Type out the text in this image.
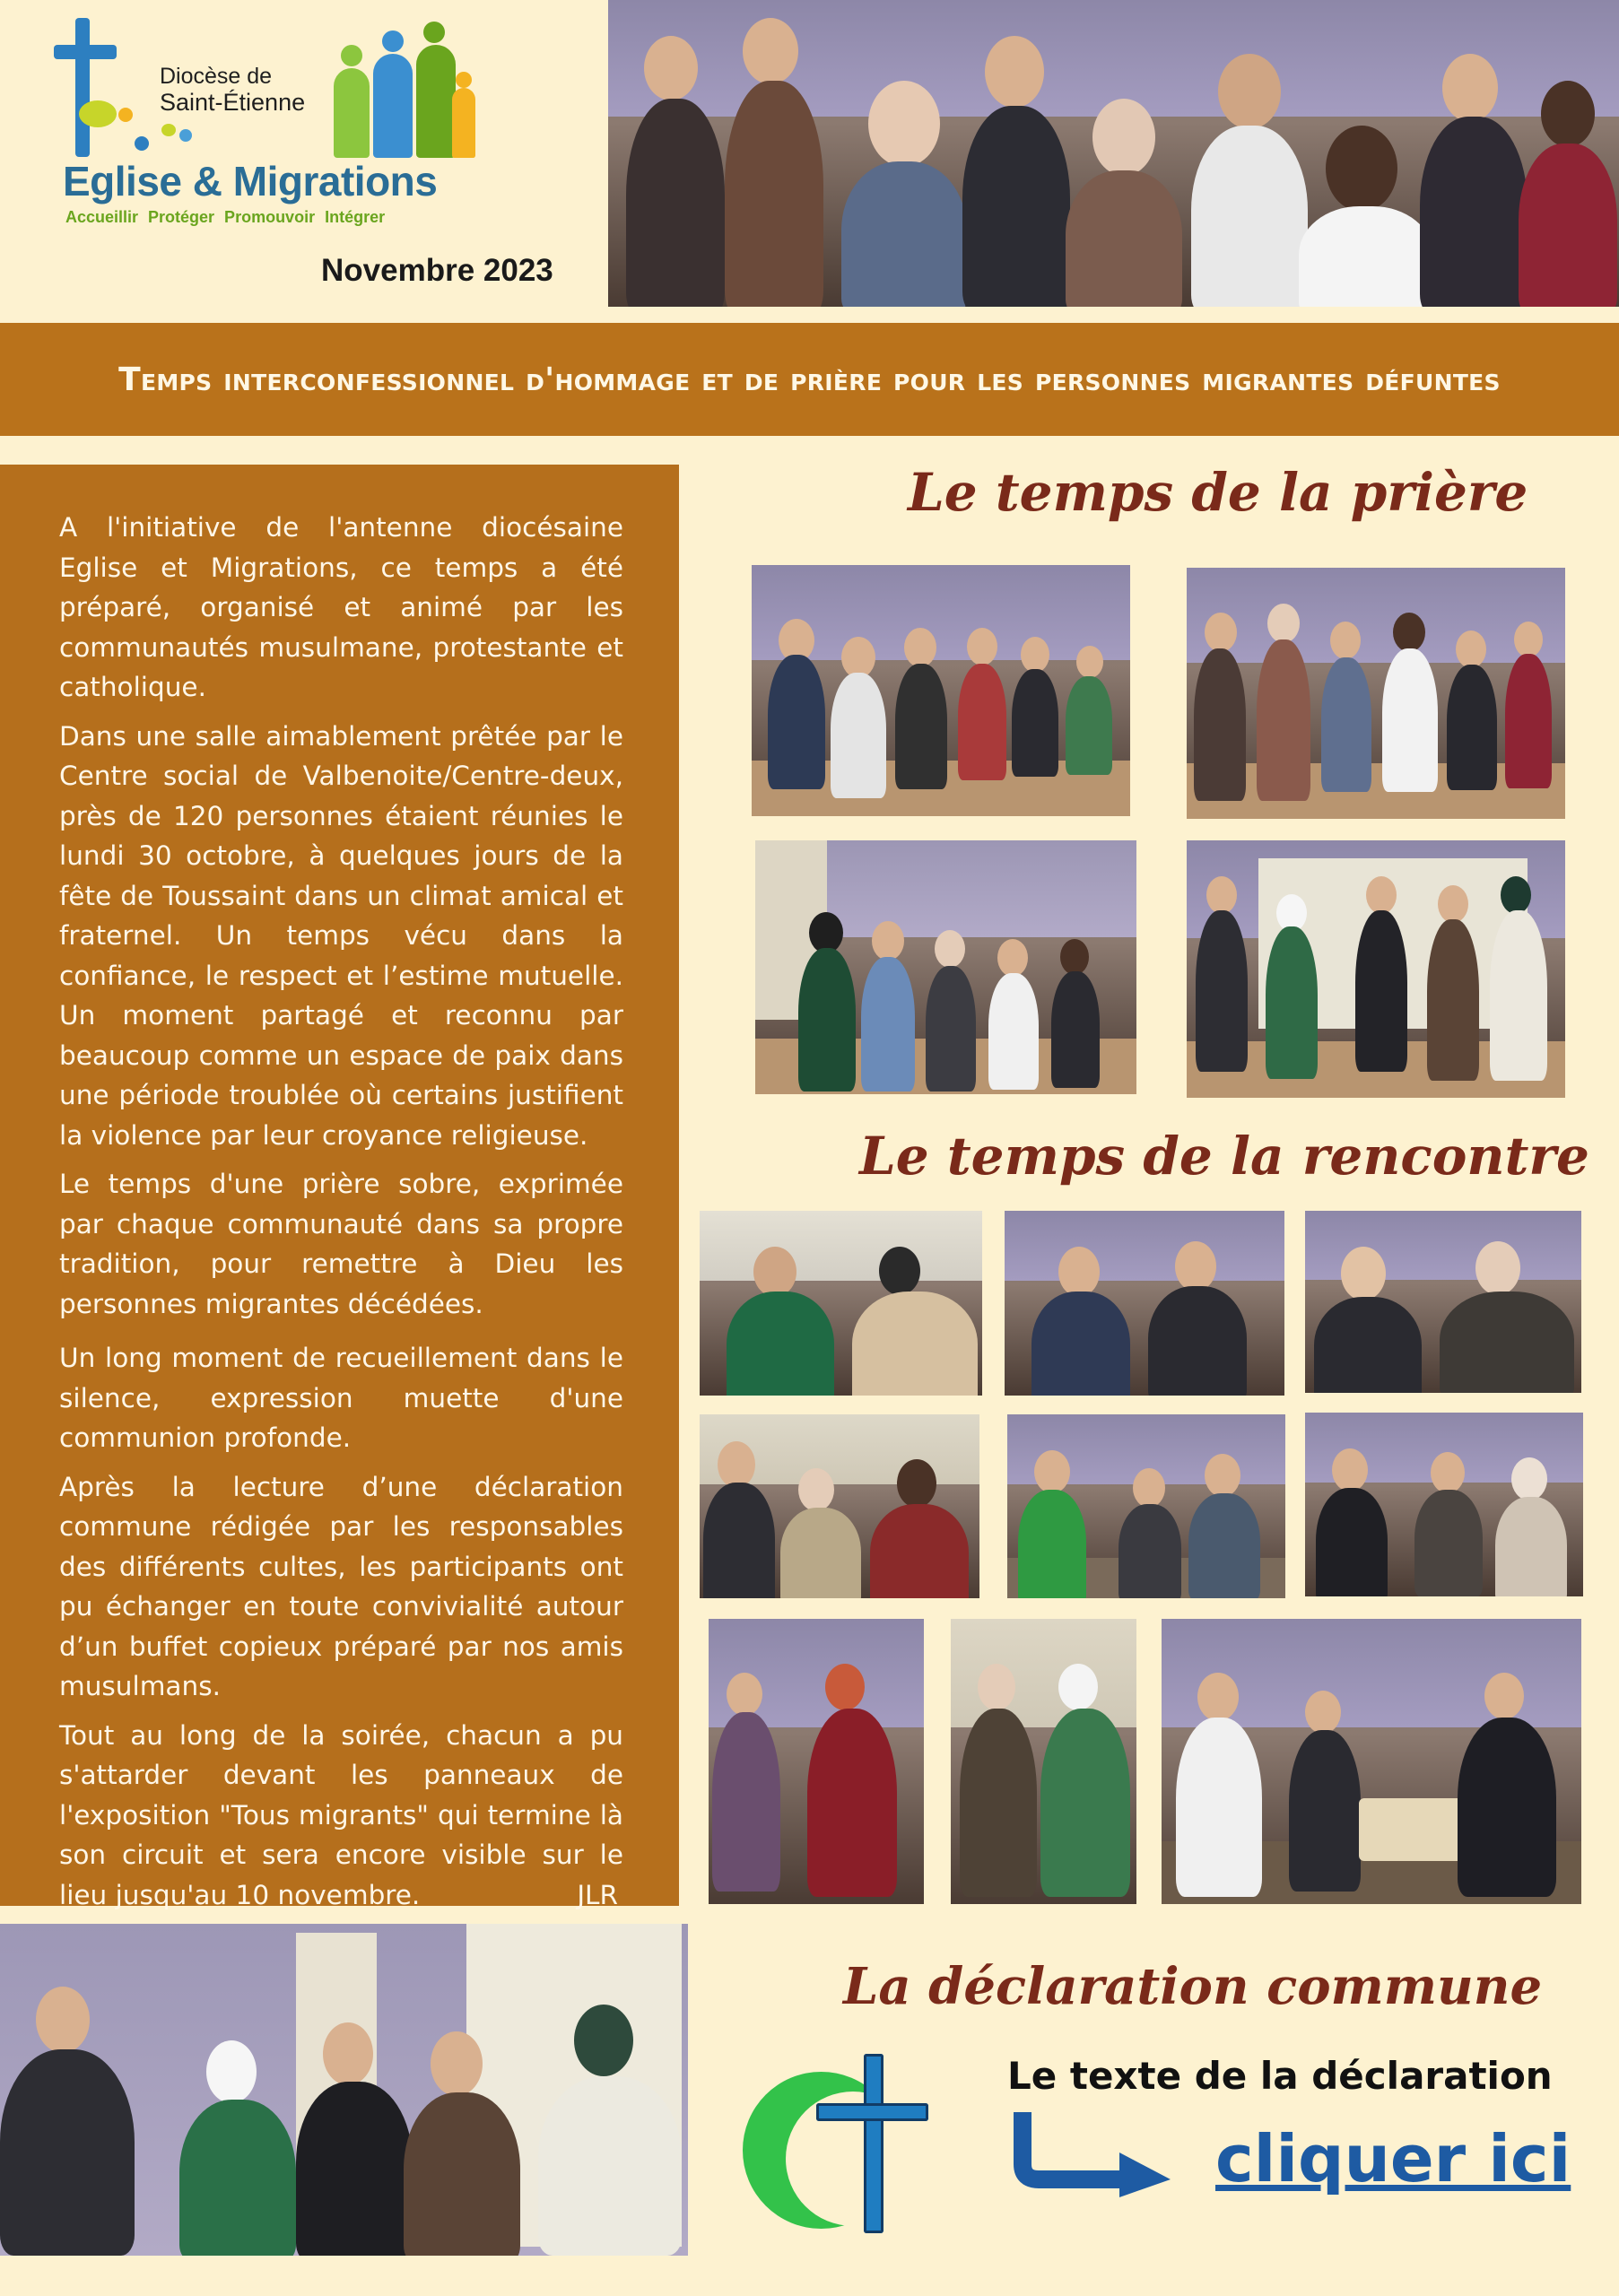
Diocèse de
Saint-Étienne
Eglise & Migrations
Accueillir Protéger Promouvoir Intégrer
Novembre 2023
Temps interconfessionnel d'hommage et de prière pour les personnes migrantes défuntes

A l'initiative de l'antenne diocésaine Eglise et Migrations, ce temps a été préparé, organisé et animé par les communautés musulmane, protestante et catholique.

Dans une salle aimablement prêtée par le Centre social de Valbenoite/Centre-deux, près de 120 personnes étaient réunies le lundi 30 octobre, à quelques jours de la fête de Toussaint dans un climat amical et fraternel. Un temps vécu dans la confiance, le respect et l’estime mutuelle. Un moment partagé et reconnu par beaucoup comme un espace de paix dans une période troublée où certains justifient la violence par leur croyance religieuse.

Le temps d'une prière sobre, exprimée par chaque communauté dans sa propre tradition, pour remettre à Dieu les personnes migrantes décédées.

Un long moment de recueillement dans le silence, expression muette d'une communion profonde.

Après la lecture d’une déclaration commune rédigée par les responsables des différents cultes, les participants ont pu échanger en toute convivialité autour d’un buffet copieux préparé par nos amis musulmans.

Tout au long de la soirée, chacun a pu s'attarder devant les panneaux de l'exposition "Tous migrants" qui termine là son circuit et sera encore visible sur le lieu jusqu'au 10 novembre.	JLR

Le temps de la prière
Le temps de la rencontre
La déclaration commune
Le texte de la déclaration
cliquer ici
